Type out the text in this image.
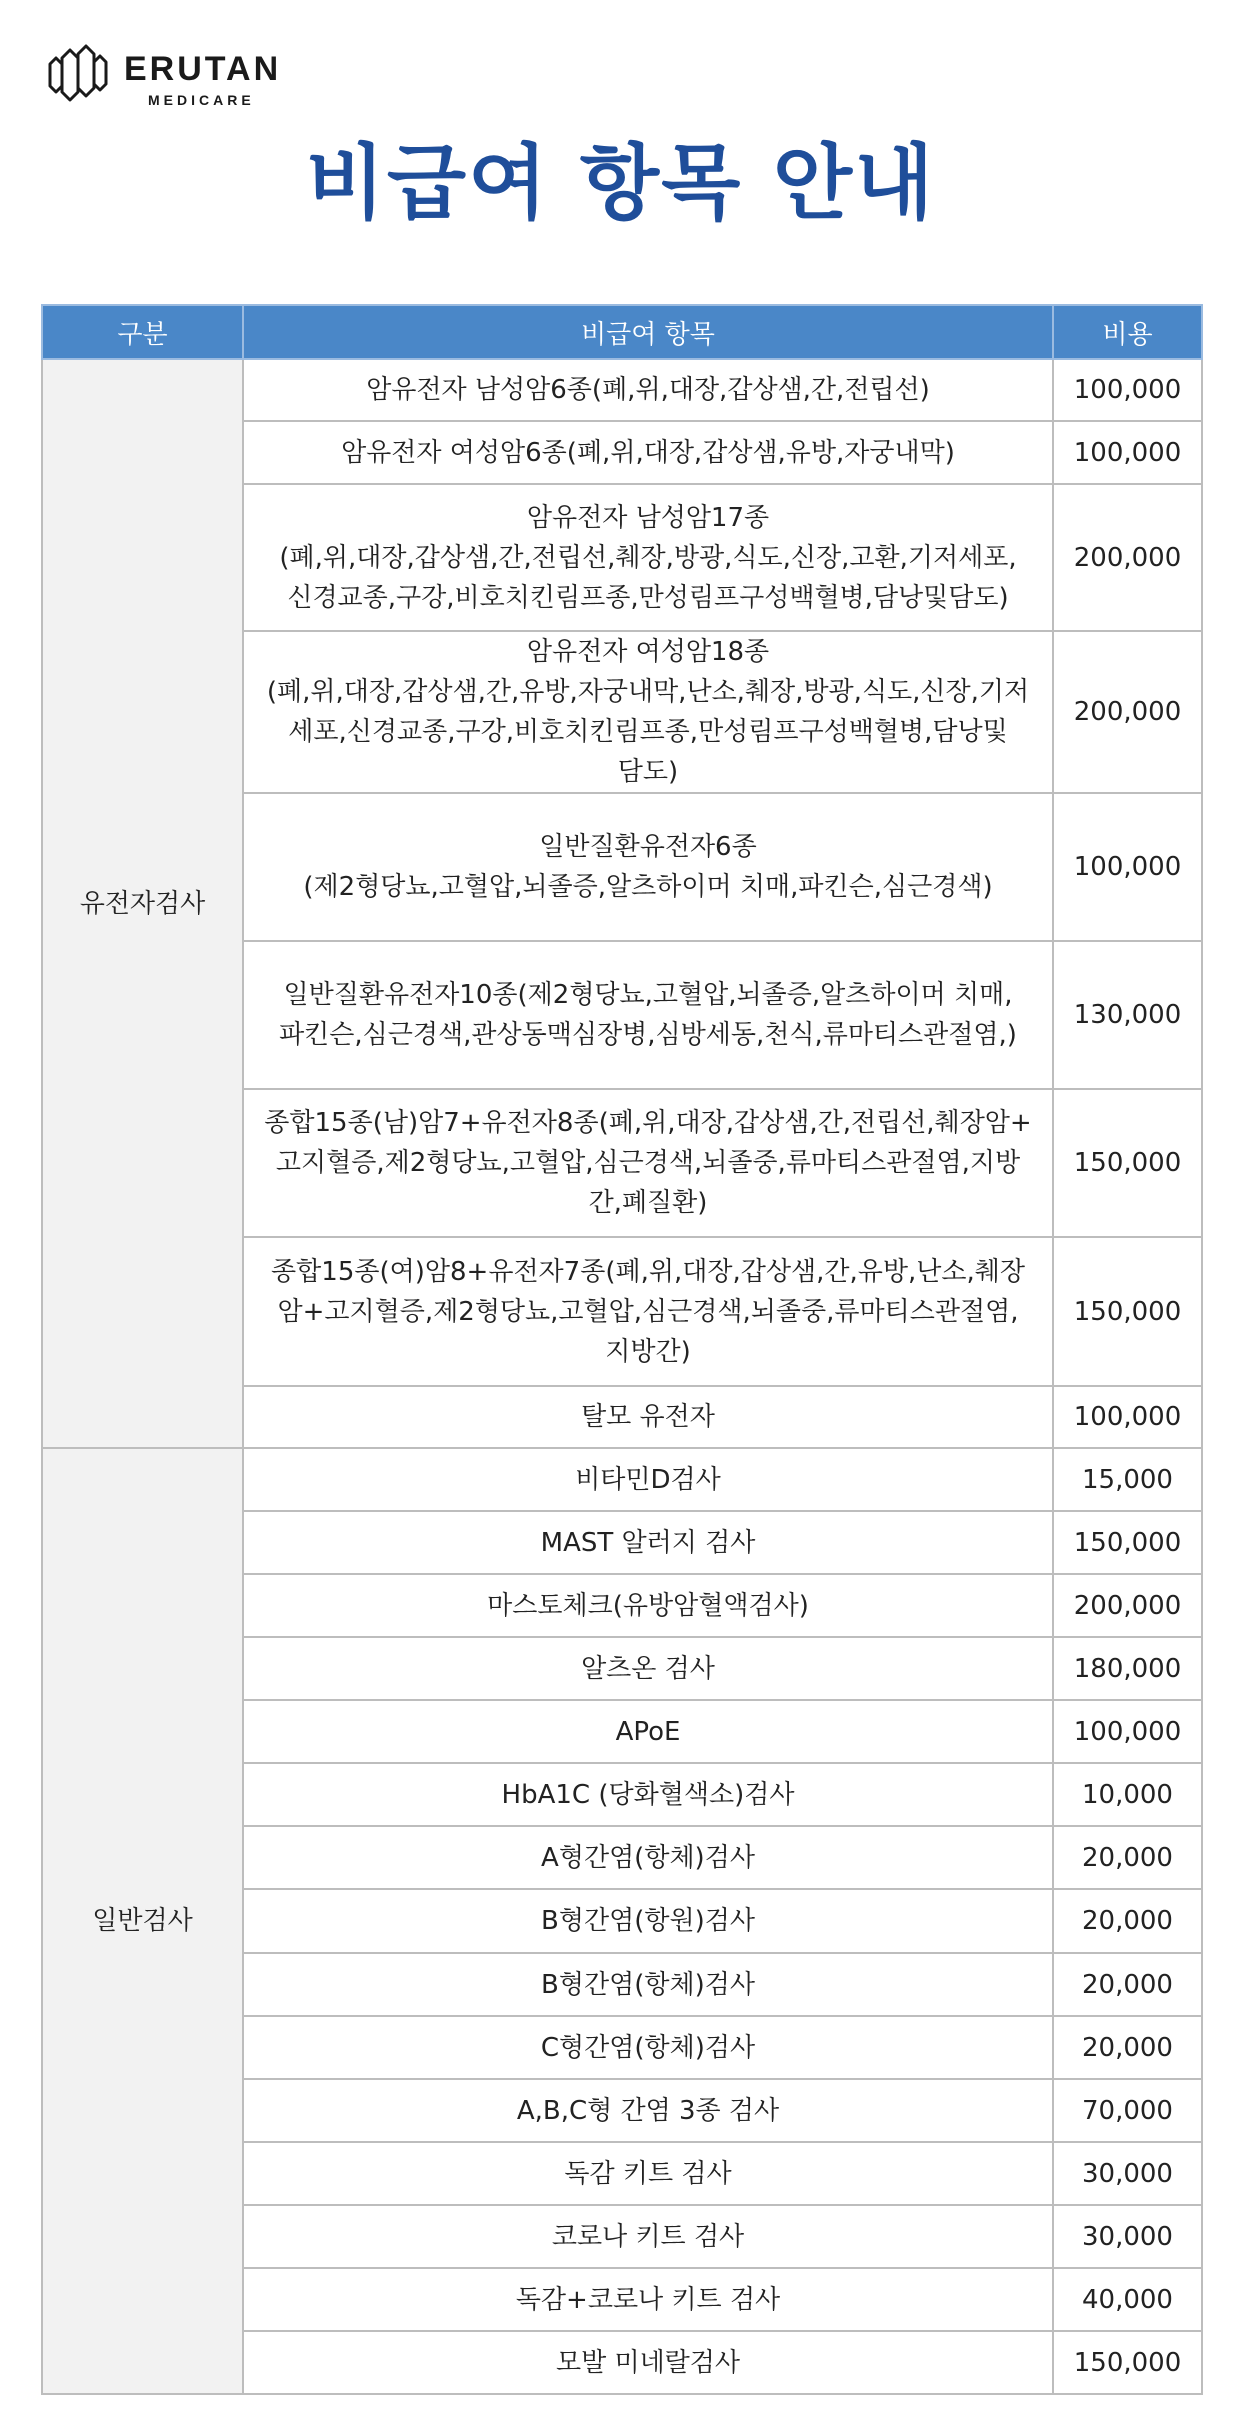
ERUTAN
MEDICARE
비급여 항목 안내
구분	비급여 항목	비용
유전자검사	암유전자 남성암6종(폐,위,대장,갑상샘,간,전립선)	100,000

	암유전자 여성암6종(폐,위,대장,갑상샘,유방,자궁내막)	100,000

	암유전자 남성암17종
(폐,위,대장,갑상샘,간,전립선,췌장,방광,식도,신장,고환,기저세포,
신경교종,구강,비호치킨림프종,만성림프구성백혈병,담낭및담도)	200,000

	암유전자 여성암18종
(폐,위,대장,갑상샘,간,유방,자궁내막,난소,췌장,방광,식도,신장,기저
세포,신경교종,구강,비호치킨림프종,만성림프구성백혈병,담낭및
담도)	200,000

	일반질환유전자6종
(제2형당뇨,고혈압,뇌졸증,알츠하이머 치매,파킨슨,심근경색)	100,000

	일반질환유전자10종(제2형당뇨,고혈압,뇌졸증,알츠하이머 치매,
파킨슨,심근경색,관상동맥심장병,심방세동,천식,류마티스관절염,)	130,000

	종합15종(남)암7+유전자8종(폐,위,대장,갑상샘,간,전립선,췌장암+
고지혈증,제2형당뇨,고혈압,심근경색,뇌졸중,류마티스관절염,지방
간,폐질환)	150,000

	종합15종(여)암8+유전자7종(폐,위,대장,갑상샘,간,유방,난소,췌장
암+고지혈증,제2형당뇨,고혈압,심근경색,뇌졸중,류마티스관절염,
지방간)	150,000

	탈모 유전자	100,000
일반검사	비타민D검사	15,000

	MAST 알러지 검사	150,000

	마스토체크(유방암혈액검사)	200,000

	알츠온 검사	180,000

	APoE	100,000

	HbA1C (당화혈색소)검사	10,000

	A형간염(항체)검사	20,000

	B형간염(항원)검사	20,000

	B형간염(항체)검사	20,000

	C형간염(항체)검사	20,000

	A,B,C형 간염 3종 검사	70,000

	독감 키트 검사	30,000

	코로나 키트 검사	30,000

	독감+코로나 키트 검사	40,000

	모발 미네랄검사	150,000
